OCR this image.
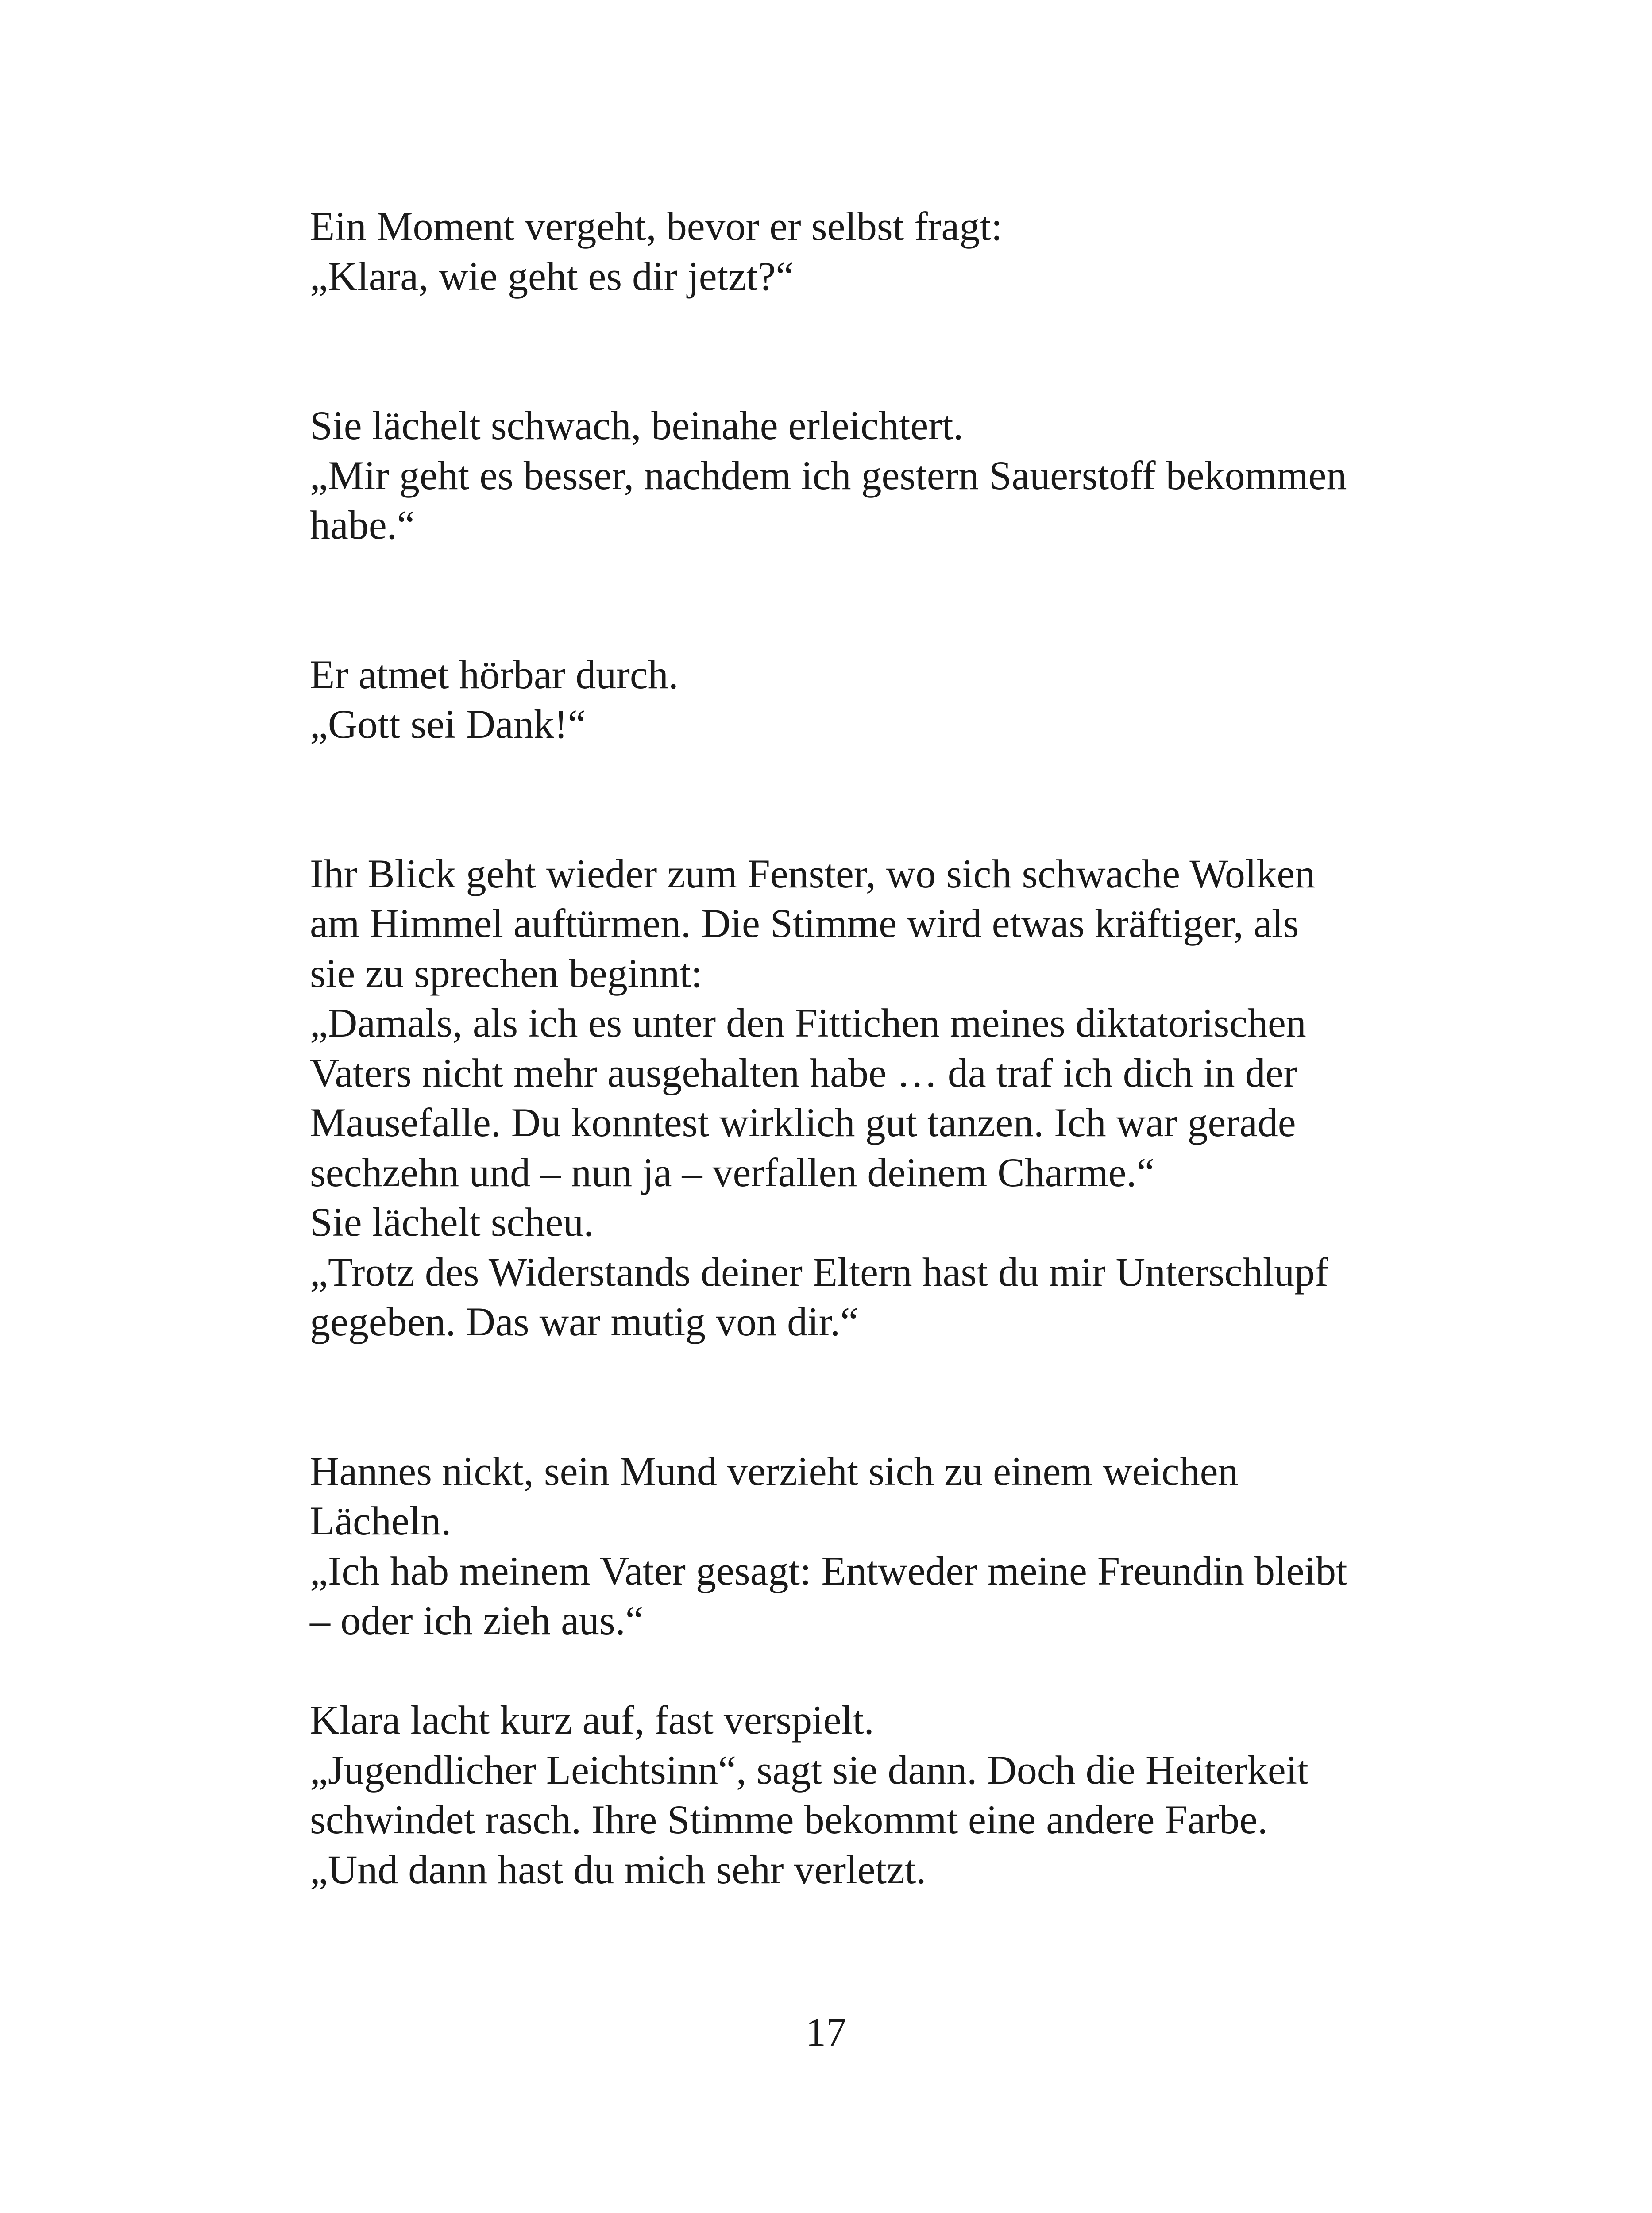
Ein Moment vergeht, bevor er selbst fragt:
„Klara, wie geht es dir jetzt?“
Sie lächelt schwach, beinahe erleichtert.
„Mir geht es besser, nachdem ich gestern Sauerstoff bekommen
habe.“
Er atmet hörbar durch.
„Gott sei Dank!“
Ihr Blick geht wieder zum Fenster, wo sich schwache Wolken
am Himmel auftürmen. Die Stimme wird etwas kräftiger, als
sie zu sprechen beginnt:
„Damals, als ich es unter den Fittichen meines diktatorischen
Vaters nicht mehr ausgehalten habe … da traf ich dich in der
Mausefalle. Du konntest wirklich gut tanzen. Ich war gerade
sechzehn und – nun ja – verfallen deinem Charme.“
Sie lächelt scheu.
„Trotz des Widerstands deiner Eltern hast du mir Unterschlupf
gegeben. Das war mutig von dir.“
Hannes nickt, sein Mund verzieht sich zu einem weichen
Lächeln.
„Ich hab meinem Vater gesagt: Entweder meine Freundin bleibt
– oder ich zieh aus.“
Klara lacht kurz auf, fast verspielt.
„Jugendlicher Leichtsinn“, sagt sie dann. Doch die Heiterkeit
schwindet rasch. Ihre Stimme bekommt eine andere Farbe.
„Und dann hast du mich sehr verletzt.
17
